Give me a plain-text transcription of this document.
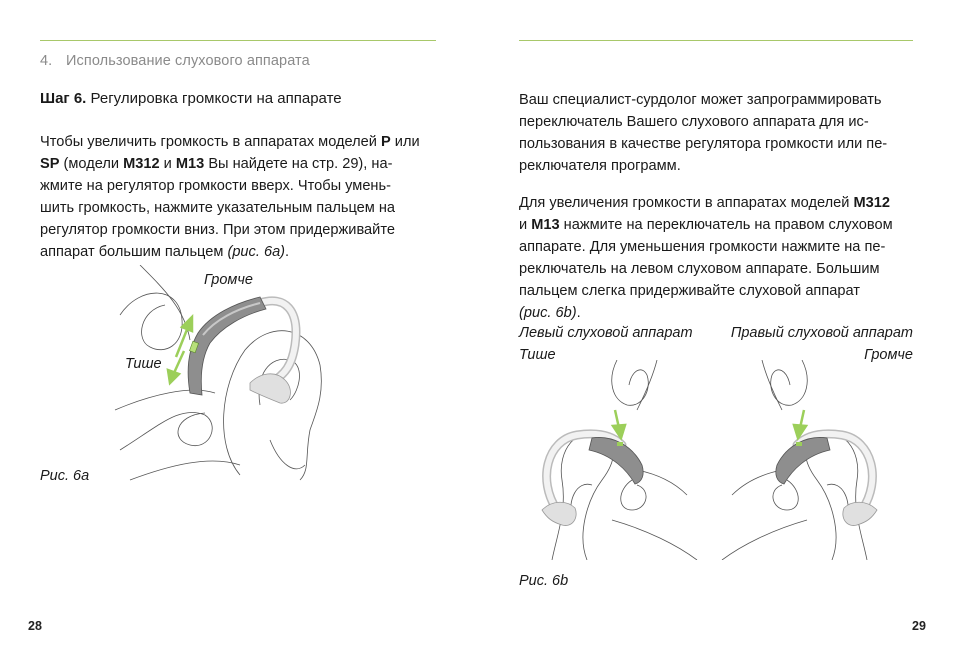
4. Использование слухового аппарата
Шаг 6. Регулировка громкости на аппарате
Чтобы увеличить громкость в аппаратах моделей P или
SP (модели M312 и M13 Вы найдете на стр. 29), на-
жмите на регулятор громкости вверх. Чтобы умень-
шить громкость, нажмите указательным пальцем на
регулятор громкости вниз. При этом придерживайте
аппарат большим пальцем (рис. 6а).
Громче
Тише
Рис. 6а
28
Ваш специалист-сурдолог может запрограммировать
переключатель Вашего слухового аппарата для ис-
пользования в качестве регулятора громкости или пе-
реключателя программ.
Для увеличения громкости в аппаратах моделей M312
и M13 нажмите на переключатель на правом слуховом
аппарате. Для уменьшения громкости нажмите на пе-
реключатель на левом слуховом аппарате. Большим
пальцем слегка придерживайте слуховой аппарат
(рис. 6b).
Левый слуховой аппарат
Тише
Правый слуховой аппарат
Громче
Рис. 6b
29
